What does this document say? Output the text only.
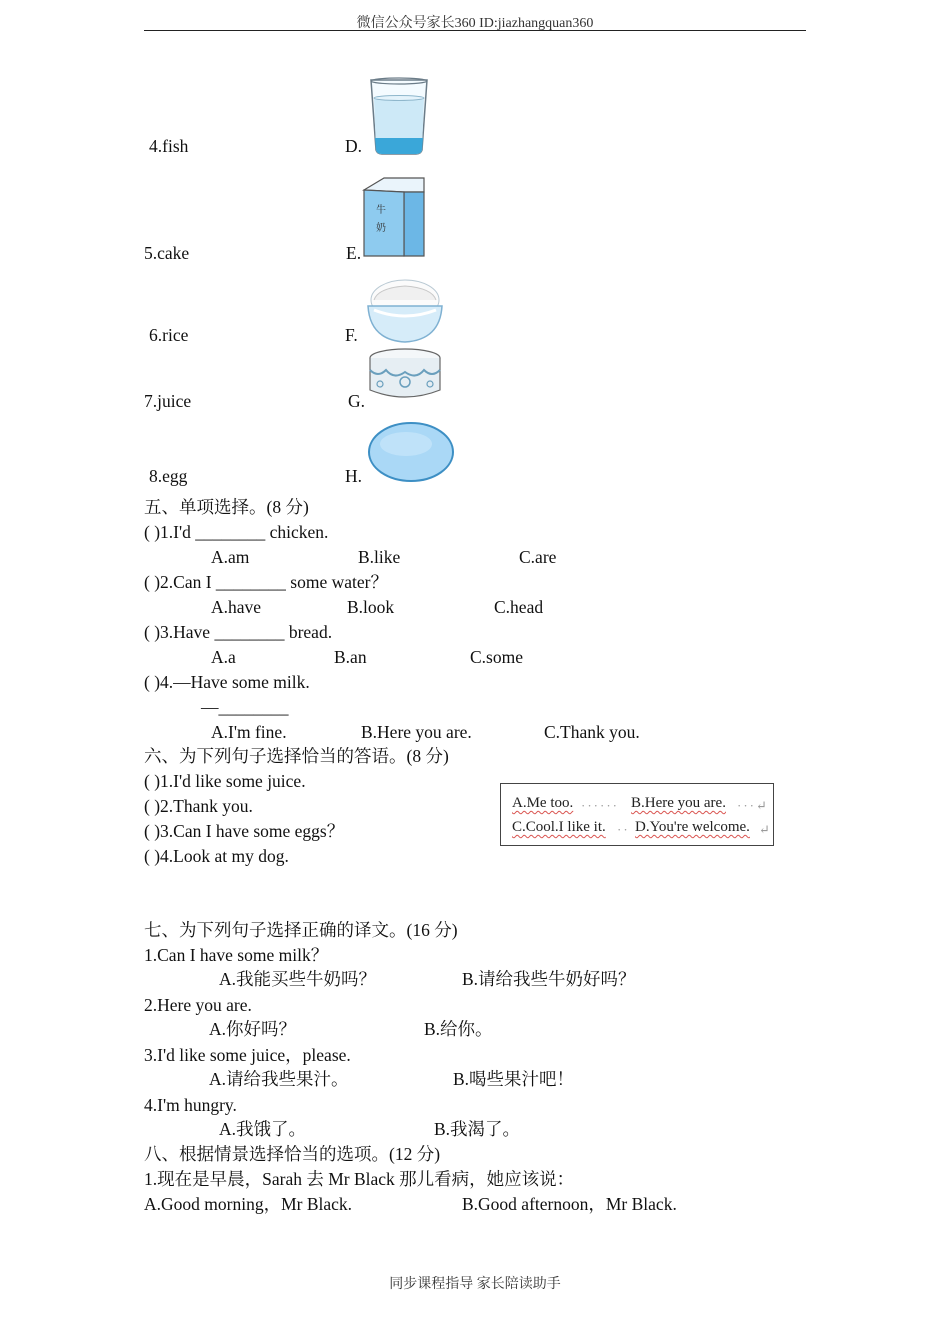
微信公众号家长360 ID:jiazhangquan360
4.fish	D.
5.cake	E.
牛奶
6.rice	F.
7.juice	G.
8.egg	H.
五、单项选择。(8 分)
( )1.I'd ________ chicken.
A.am	B.like	C.are
( )2.Can I ________ some water？
A.have	B.look	C.head
( )3.Have ________ bread.
A.a	B.an	C.some
( )4.—Have some milk.
—________
A.I'm fine.	B.Here you are.	C.Thank you.
六、为下列句子选择恰当的答语。(8 分)
( )1.I'd like some juice.
( )2.Thank you.
( )3.Can I have some eggs？
( )4.Look at my dog.
A.Me too. ······ B.Here you are. ···↵
C.Cool.I like it. ·· D.You're welcome. ↵
七、为下列句子选择正确的译文。(16 分)
1.Can I have some milk？
A.我能买些牛奶吗？	B.请给我些牛奶好吗？
2.Here you are.
A.你好吗？	B.给你。
3.I'd like some juice，please.
A.请给我些果汁。	B.喝些果汁吧！
4.I'm hungry.
A.我饿了。	B.我渴了。
八、根据情景选择恰当的选项。(12 分)
1.现在是早晨，Sarah 去 Mr Black 那儿看病，她应该说：
A.Good morning，Mr Black.	B.Good afternoon，Mr Black.
同步课程指导 家长陪读助手
